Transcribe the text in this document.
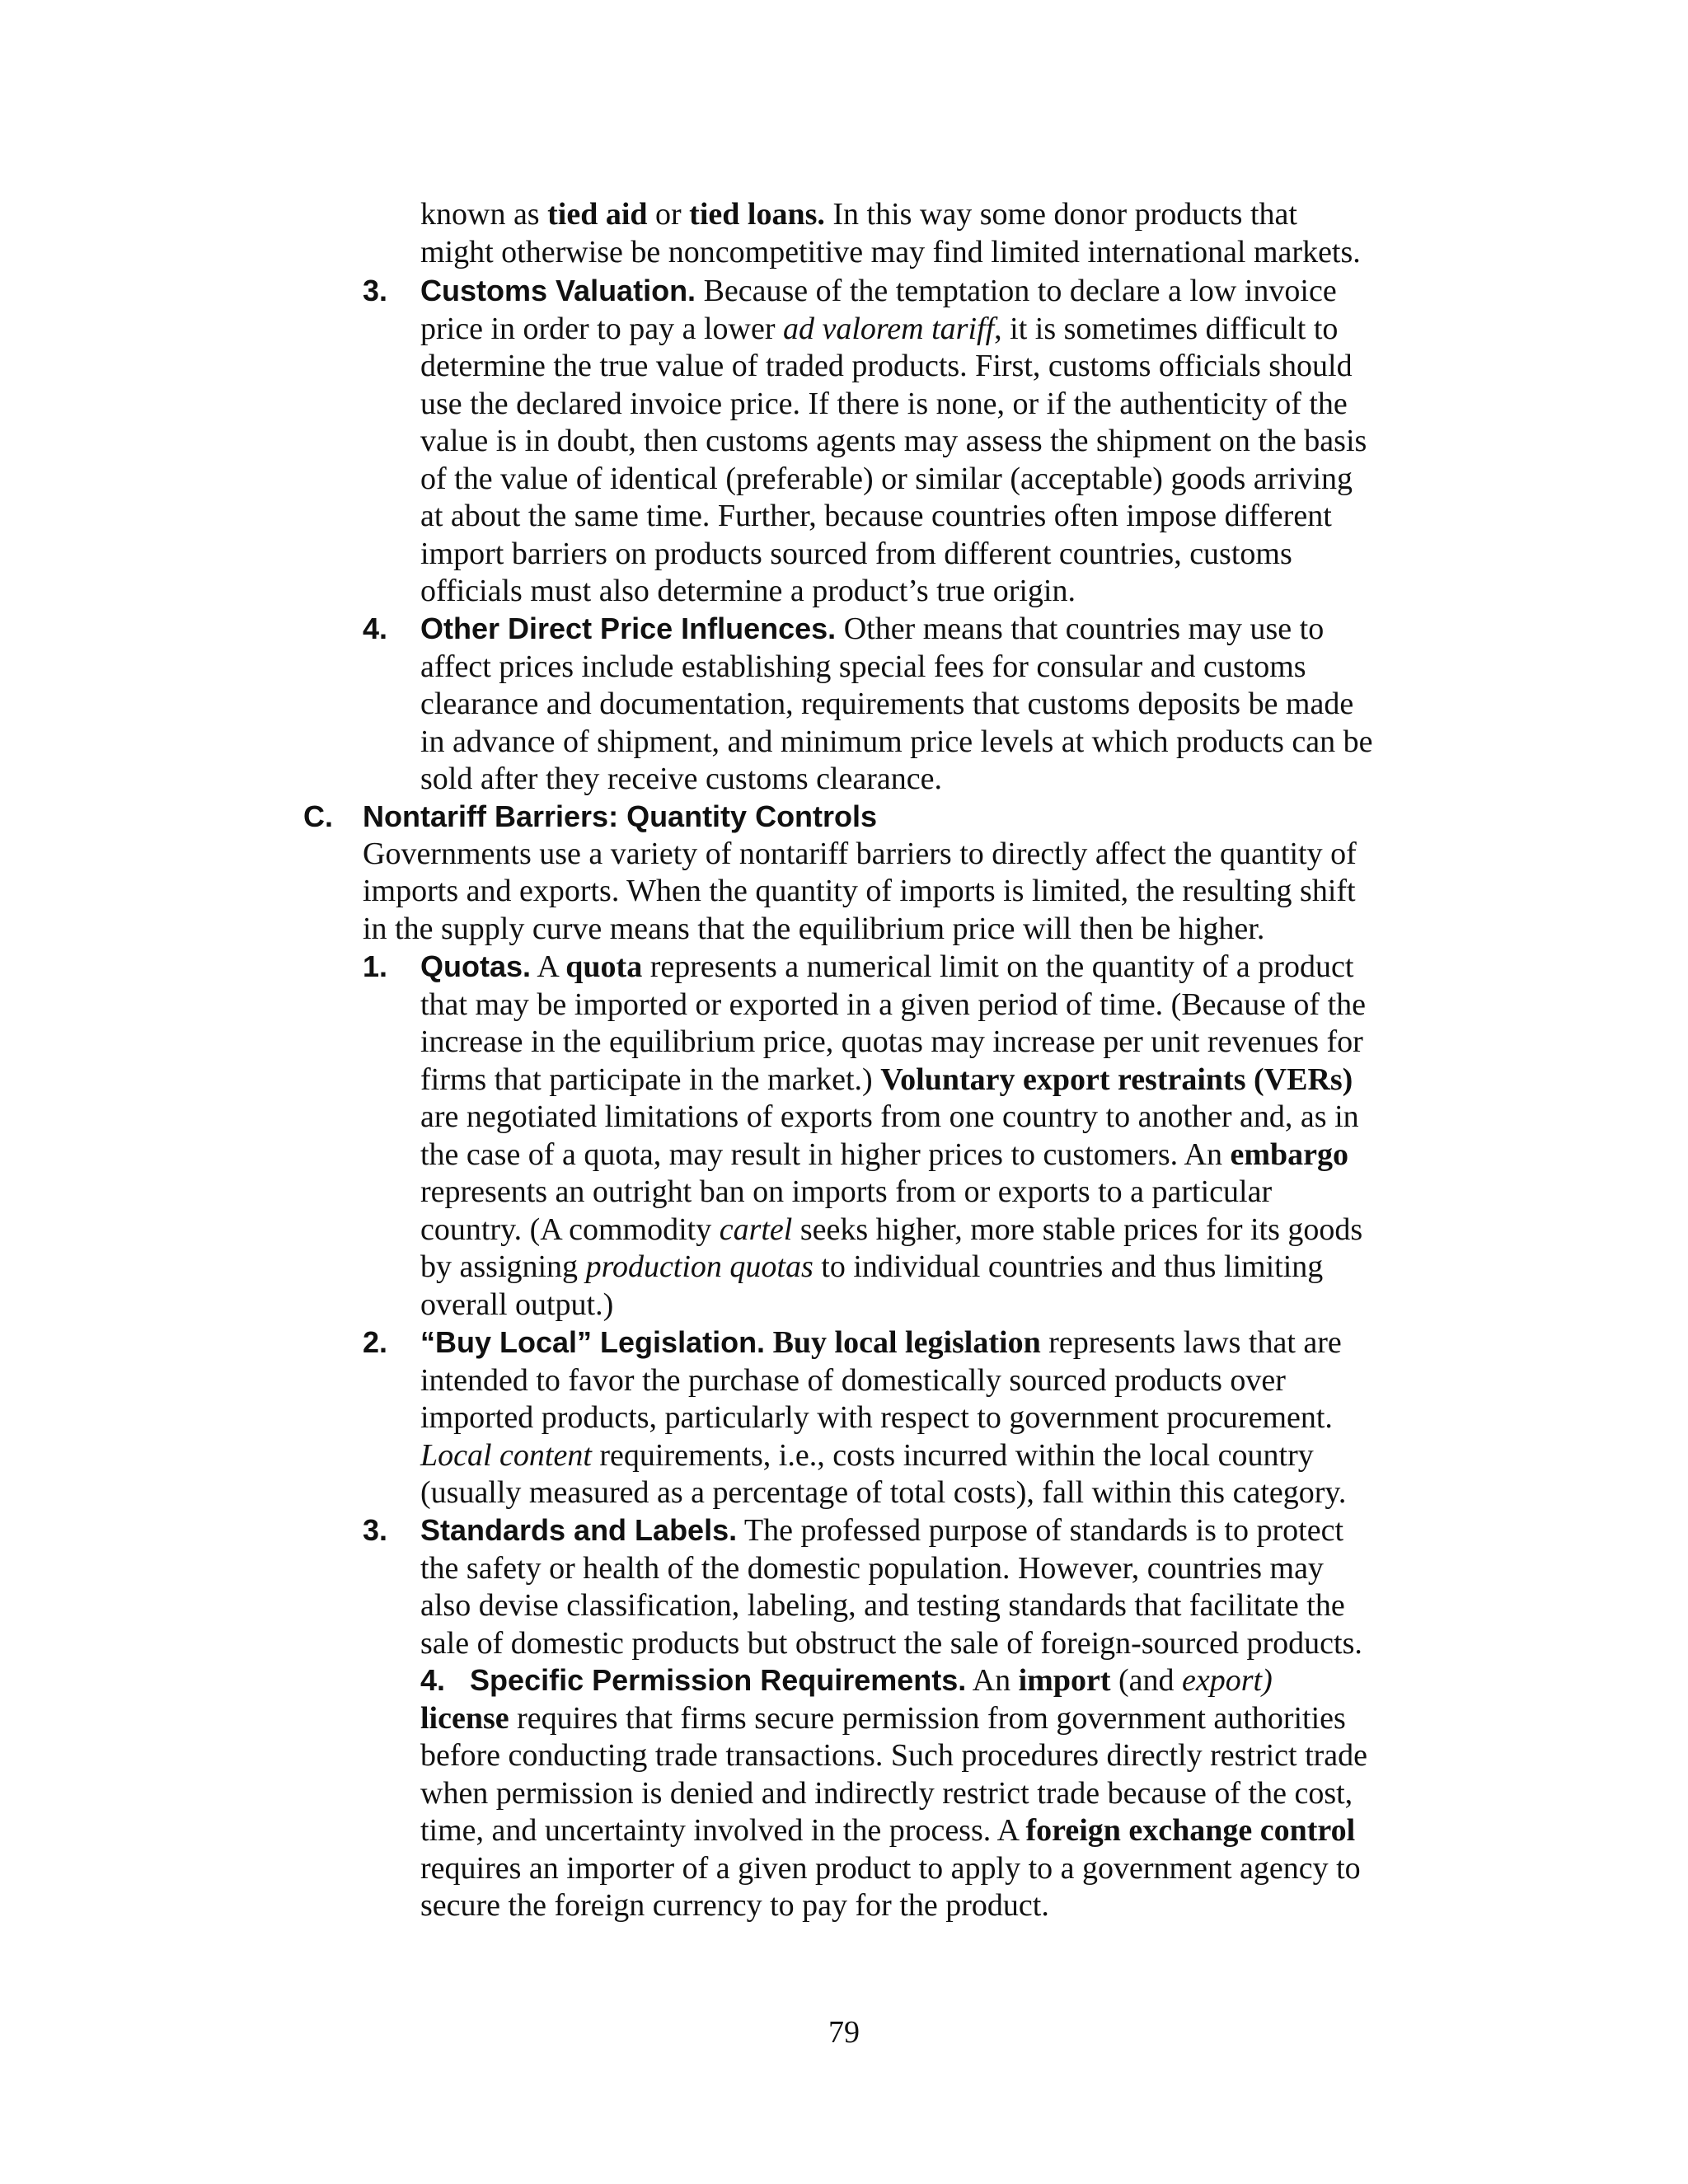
known as tied aid or tied loans. In this way some donor products that
might otherwise be noncompetitive may find limited international markets.
3. Customs Valuation. Because of the temptation to declare a low invoice
price in order to pay a lower ad valorem tariff, it is sometimes difficult to
determine the true value of traded products. First, customs officials should
use the declared invoice price. If there is none, or if the authenticity of the
value is in doubt, then customs agents may assess the shipment on the basis
of the value of identical (preferable) or similar (acceptable) goods arriving
at about the same time. Further, because countries often impose different
import barriers on products sourced from different countries, customs
officials must also determine a product’s true origin.
4. Other Direct Price Influences. Other means that countries may use to
affect prices include establishing special fees for consular and customs
clearance and documentation, requirements that customs deposits be made
in advance of shipment, and minimum price levels at which products can be
sold after they receive customs clearance.
C. Nontariff Barriers: Quantity Controls
Governments use a variety of nontariff barriers to directly affect the quantity of
imports and exports. When the quantity of imports is limited, the resulting shift
in the supply curve means that the equilibrium price will then be higher.
1. Quotas. A quota represents a numerical limit on the quantity of a product
that may be imported or exported in a given period of time. (Because of the
increase in the equilibrium price, quotas may increase per unit revenues for
firms that participate in the market.) Voluntary export restraints (VERs)
are negotiated limitations of exports from one country to another and, as in
the case of a quota, may result in higher prices to customers. An embargo
represents an outright ban on imports from or exports to a particular
country. (A commodity cartel seeks higher, more stable prices for its goods
by assigning production quotas to individual countries and thus limiting
overall output.)
2. “Buy Local” Legislation. Buy local legislation represents laws that are
intended to favor the purchase of domestically sourced products over
imported products, particularly with respect to government procurement.
Local content requirements, i.e., costs incurred within the local country
(usually measured as a percentage of total costs), fall within this category.
3. Standards and Labels. The professed purpose of standards is to protect
the safety or health of the domestic population. However, countries may
also devise classification, labeling, and testing standards that facilitate the
sale of domestic products but obstruct the sale of foreign-sourced products.
4. Specific Permission Requirements. An import (and export)
license requires that firms secure permission from government authorities
before conducting trade transactions. Such procedures directly restrict trade
when permission is denied and indirectly restrict trade because of the cost,
time, and uncertainty involved in the process. A foreign exchange control
requires an importer of a given product to apply to a government agency to
secure the foreign currency to pay for the product.
79
